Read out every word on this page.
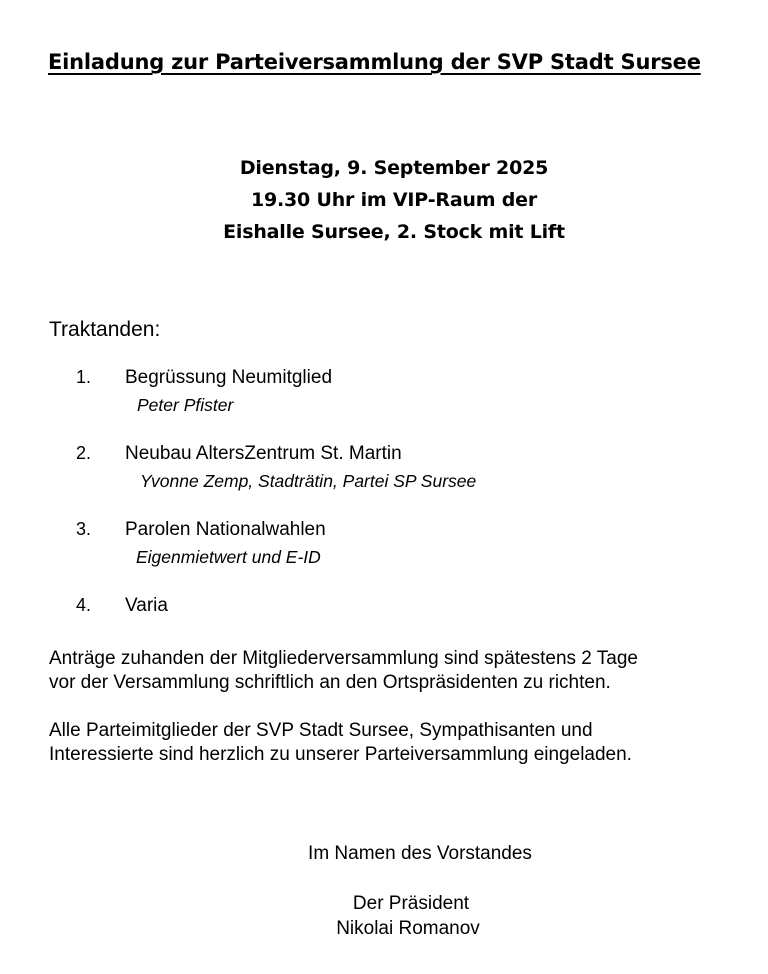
Einladung zur Parteiversammlung der SVP Stadt Sursee
Dienstag, 9. September 2025
19.30 Uhr im VIP-Raum der
Eishalle Sursee, 2. Stock mit Lift
Traktanden:
1. Begrüssung Neumitglied
Peter Pfister
2. Neubau AltersZentrum St. Martin
Yvonne Zemp, Stadträtin, Partei SP Sursee
3. Parolen Nationalwahlen
Eigenmietwert und E-ID
4. Varia
Anträge zuhanden der Mitgliederversammlung sind spätestens 2 Tage
vor der Versammlung schriftlich an den Ortspräsidenten zu richten.
Alle Parteimitglieder der SVP Stadt Sursee, Sympathisanten und
Interessierte sind herzlich zu unserer Parteiversammlung eingeladen.
Im Namen des Vorstandes
Der Präsident
Nikolai Romanov
